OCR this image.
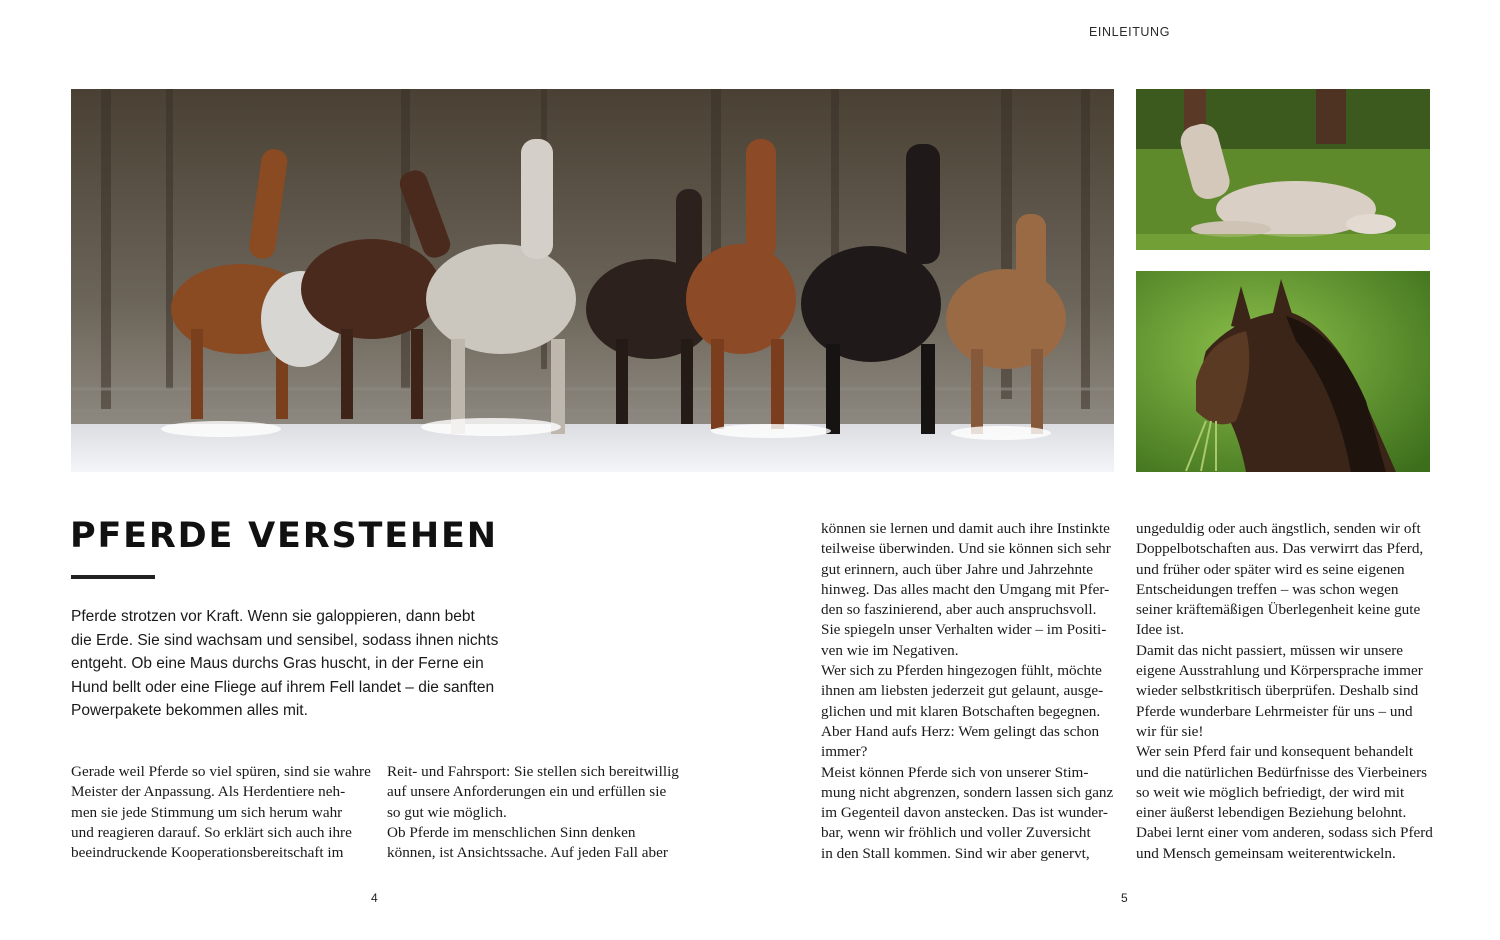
EINLEITUNG
PFERDE VERSTEHEN

Pferde strotzen vor Kraft. Wenn sie galoppieren, dann bebt
die Erde. Sie sind wachsam und sensibel, sodass ihnen nichts
entgeht. Ob eine Maus durchs Gras huscht, in der Ferne ein
Hund bellt oder eine Fliege auf ihrem Fell landet – die sanften
Powerpakete bekommen alles mit.

Gerade weil Pferde so viel spüren, sind sie wahre
Meister der Anpassung. Als Herdentiere neh-
men sie jede Stimmung um sich herum wahr
und reagieren darauf. So erklärt sich auch ihre
beeindruckende Kooperationsbereitschaft im
Reit- und Fahrsport: Sie stellen sich bereitwillig
auf unsere Anforderungen ein und erfüllen sie
so gut wie möglich.
Ob Pferde im menschlichen Sinn denken
können, ist Ansichtssache. Auf jeden Fall aber
können sie lernen und damit auch ihre Instinkte
teilweise überwinden. Und sie können sich sehr
gut erinnern, auch über Jahre und Jahrzehnte
hinweg. Das alles macht den Umgang mit Pfer-
den so faszinierend, aber auch anspruchsvoll.
Sie spiegeln unser Verhalten wider – im Positi-
ven wie im Negativen.
Wer sich zu Pferden hingezogen fühlt, möchte
ihnen am liebsten jederzeit gut gelaunt, ausge-
glichen und mit klaren Botschaften begegnen.
Aber Hand aufs Herz: Wem gelingt das schon
immer?
Meist können Pferde sich von unserer Stim-
mung nicht abgrenzen, sondern lassen sich ganz
im Gegenteil davon anstecken. Das ist wunder-
bar, wenn wir fröhlich und voller Zuversicht
in den Stall kommen. Sind wir aber genervt,
ungeduldig oder auch ängstlich, senden wir oft
Doppelbotschaften aus. Das verwirrt das Pferd,
und früher oder später wird es seine eigenen
Entscheidungen treffen – was schon wegen
seiner kräftemäßigen Überlegenheit keine gute
Idee ist.
Damit das nicht passiert, müssen wir unsere
eigene Ausstrahlung und Körpersprache immer
wieder selbstkritisch überprüfen. Deshalb sind
Pferde wunderbare Lehrmeister für uns – und
wir für sie!
Wer sein Pferd fair und konsequent behandelt
und die natürlichen Bedürfnisse des Vierbeiners
so weit wie möglich befriedigt, der wird mit
einer äußerst lebendigen Beziehung belohnt.
Dabei lernt einer vom anderen, sodass sich Pferd
und Mensch gemeinsam weiterentwickeln.
4	5
